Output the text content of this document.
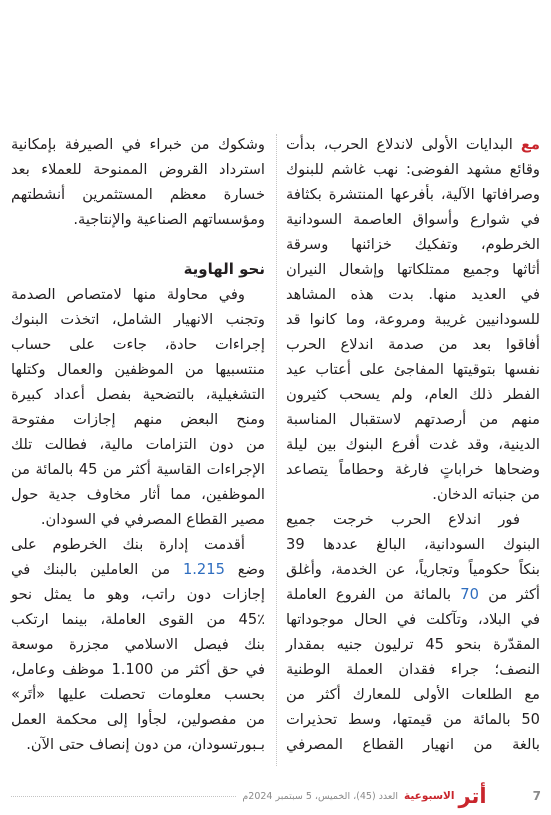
مع البدايات الأولى لاندلاع الحرب، بدأت
وقائع مشهد الفوضى: نهب غاشم للبنوك
وصرافاتها الآلية، بأفرعها المنتشرة بكثافة
في شوارع وأسواق العاصمة السودانية
الخرطوم، وتفكيك خزائنها وسرقة
أثاثها وجميع ممتلكاتها وإشعال النيران
في العديد منها. بدت هذه المشاهد
للسودانيين غريبة ومروعة، وما كانوا قد
أفاقوا بعد من صدمة اندلاع الحرب
نفسها بتوقيتها المفاجئ على أعتاب عيد
الفطر ذلك العام، ولم يسحب كثيرون
منهم من أرصدتهم لاستقبال المناسبة
الدينية، وقد غدت أفرع البنوك بين ليلة
وضحاها خراباتٍ فارغة وحطاماً يتصاعد
من جنباته الدخان.
فور اندلاع الحرب خرجت جميع
البنوك السودانية، البالغ عددها 39
بنكاً حكومياً وتجارياً، عن الخدمة، وأغلق
أكثر من 70 بالمائة من الفروع العاملة
في البلاد، وتآكلت في الحال موجوداتها
المقدّرة بنحو 45 ترليون جنيه بمقدار
النصف؛ جراء فقدان العملة الوطنية
مع الطلعات الأولى للمعارك أكثر من
50 بالمائة من قيمتها، وسط تحذيرات
بالغة من انهيار القطاع المصرفي
وشكوك من خبراء في الصيرفة بإمكانية
استرداد القروض الممنوحة للعملاء بعد
خسارة معظم المستثمرين أنشطتهم
ومؤسساتهم الصناعية والإنتاجية.
نحو الهاوية
وفي محاولة منها لامتصاص الصدمة
وتجنب الانهيار الشامل، اتخذت البنوك
إجراءات حادة، جاءت على حساب
منتسبيها من الموظفين والعمال وكتلها
التشغيلية، بالتضحية بفصل أعداد كبيرة
ومنح البعض منهم إجازات مفتوحة
من دون التزامات مالية، فطالت تلك
الإجراءات القاسية أكثر من 45 بالمائة من
الموظفين، مما أثار مخاوف جدية حول
مصير القطاع المصرفي في السودان.
أقدمت إدارة بنك الخرطوم على
وضع 1.215 من العاملين بالبنك في
إجازات دون راتب، وهو ما يمثل نحو
45٪ من القوى العاملة، بينما ارتكب
بنك فيصل الاسلامي مجزرة موسعة
في حق أكثر من 1.100 موظف وعامل،
بحسب معلومات تحصلت عليها «أتَر»
من مفصولين، لجأوا إلى محكمة العمل
بـبورتسودان، من دون إنصاف حتى الآن.
7
أتر
الاسبوعية
العدد (45)، الخميس، 5 سبتمبر 2024م
